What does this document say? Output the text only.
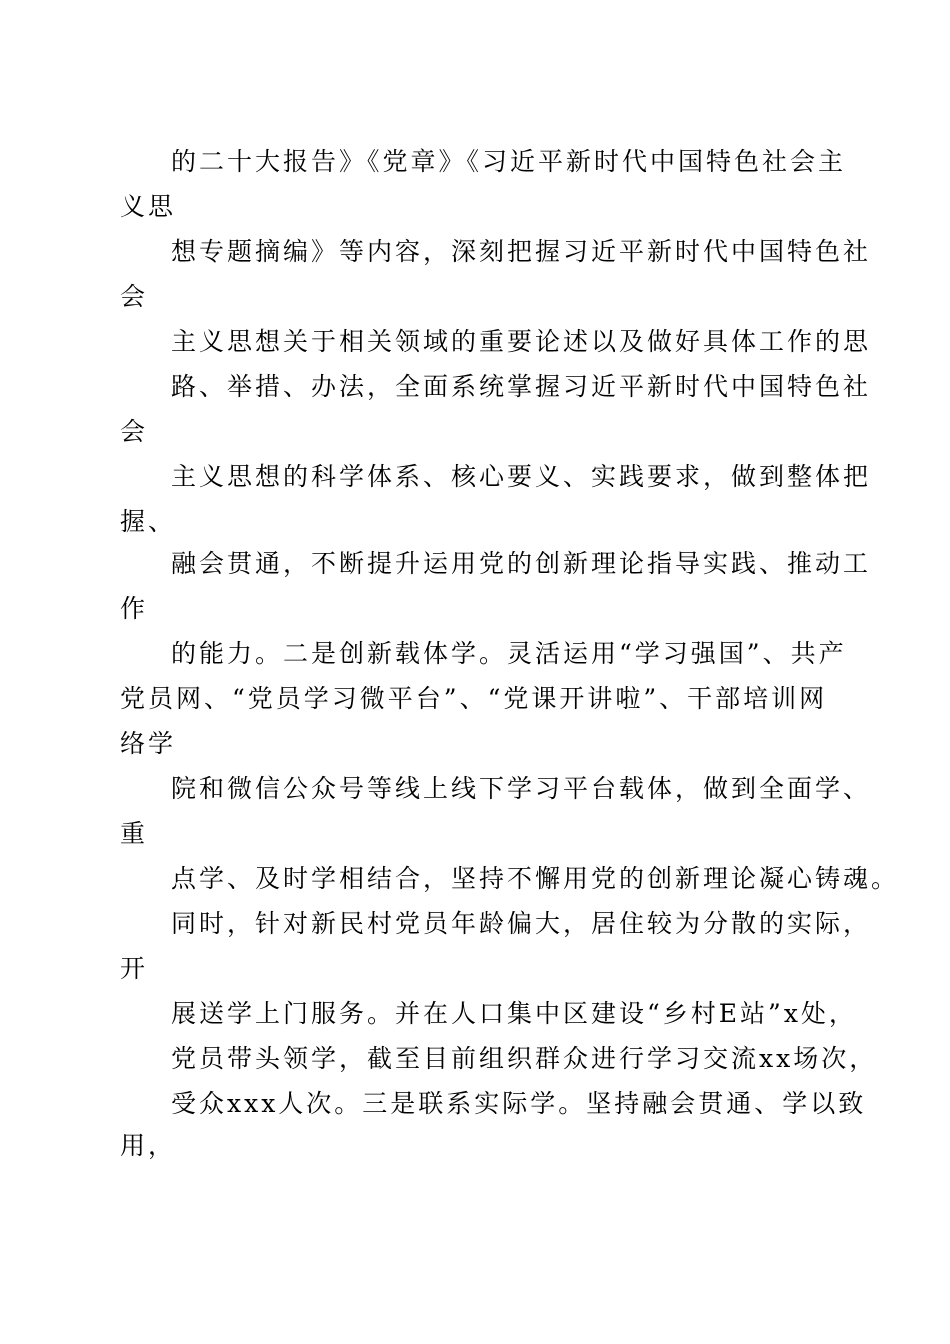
的二十大报告》《党章》《习近平新时代中国特色社会主

义思

想专题摘编》等内容，深刻把握习近平新时代中国特色社

会

主义思想关于相关领域的重要论述以及做好具体工作的思

路、举措、办法，全面系统掌握习近平新时代中国特色社

会

主义思想的科学体系、核心要义、实践要求，做到整体把

握、

融会贯通，不断提升运用党的创新理论指导实践、推动工

作

的能力。二是创新载体学。灵活运用“学习强国”、共产

党员网、“党员学习微平台”、“党课开讲啦”、干部培训网

络学

院和微信公众号等线上线下学习平台载体，做到全面学、

重

点学、及时学相结合，坚持不懈用党的创新理论凝心铸魂。

同时，针对新民村党员年龄偏大，居住较为分散的实际，

开

展送学上门服务。并在人口集中区建设“乡村E站”x处，

党员带头领学，截至目前组织群众进行学习交流xx场次，

受众xxx人次。三是联系实际学。坚持融会贯通、学以致

用，
